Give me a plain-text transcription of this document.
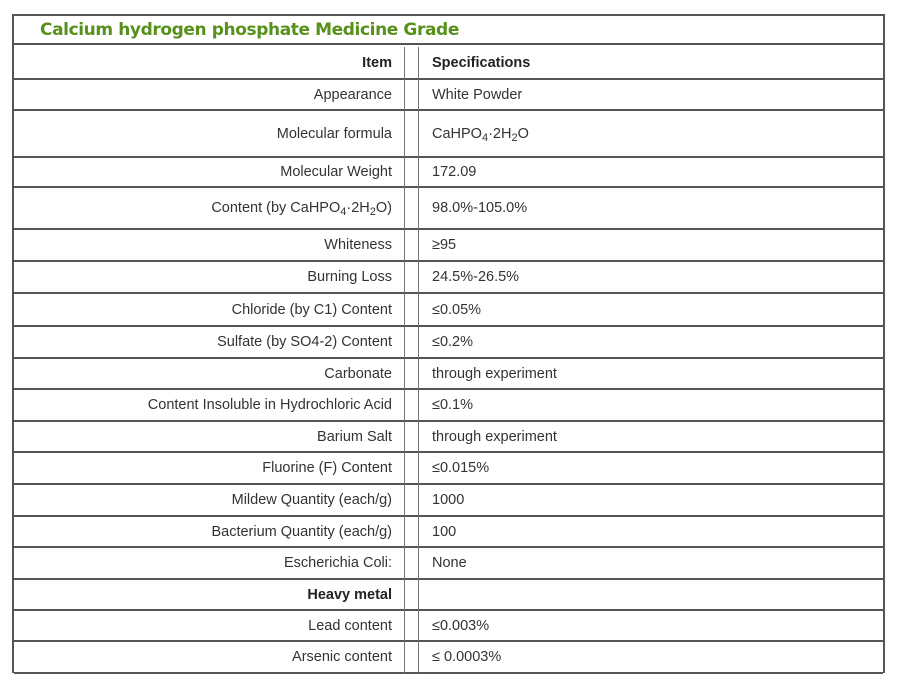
Calcium hydrogen phosphate Medicine Grade
Item		Specifications
Appearance		White Powder
Molecular formula		$CaHPO_4\cdot 2H_2O$
Molecular Weight		172.09
Content (by $CaHPO_4\cdot 2H_2O$)		98.0%-105.0%
Whiteness		≥95
Burning Loss		24.5%-26.5%
Chloride (by C1) Content		≤0.05%
Sulfate (by SO4-2) Content		≤0.2%
Carbonate		through experiment
Content Insoluble in Hydrochloric Acid		≤0.1%
Barium Salt		through experiment
Fluorine (F) Content		≤0.015%
Mildew Quantity (each/g)		1000
Bacterium Quantity (each/g)		100
Escherichia Coli:		None
Heavy metal		
Lead content		≤0.003%
Arsenic content		≤ 0.0003%
